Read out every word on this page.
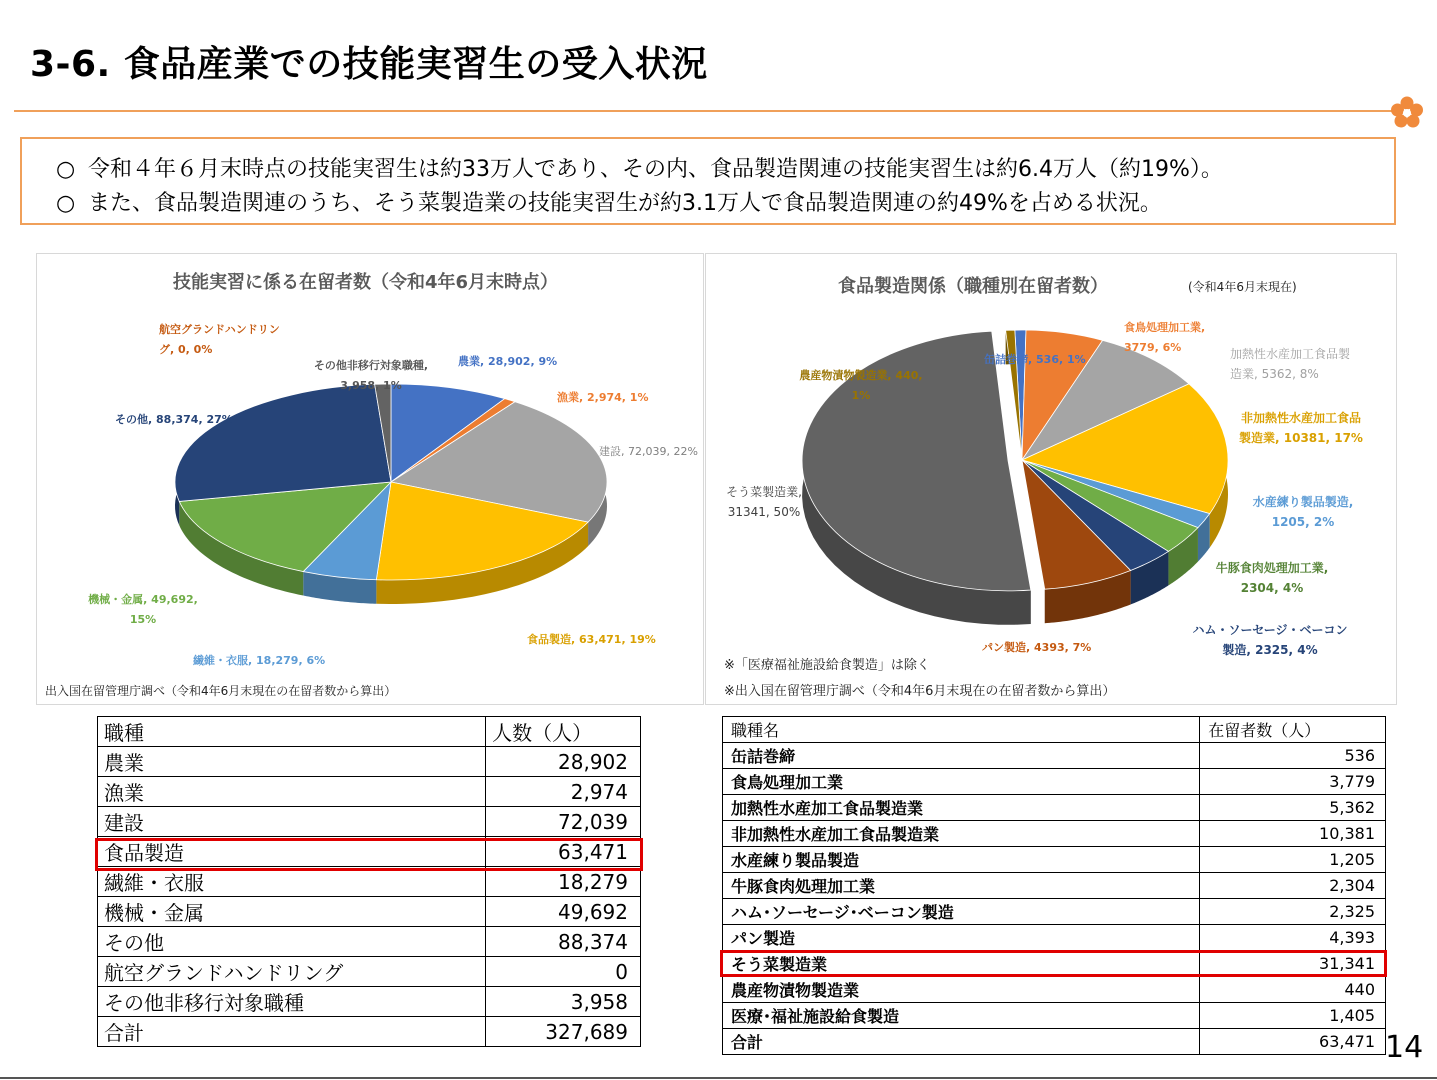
3-6. 食品産業での技能実習生の受入状況
○ 令和４年６月末時点の技能実習生は約33万人であり、その内、食品製造関連の技能実習生は約6.4万人（約19%）。
○ また、食品製造関連のうち、そう菜製造業の技能実習生が約3.1万人で食品製造関連の約49%を占める状況。
技能実習に係る在留者数（令和4年6月末時点）
航空グランドハンドリング, 0, 0%
その他非移行対象職種, 3,958, 1%
農業, 28,902, 9%
漁業, 2,974, 1%
建設, 72,039, 22%
その他, 88,374, 27%
機械・金属, 49,692, 15%
食品製造, 63,471, 19%
繊維・衣服, 18,279, 6%
出入国在留管理庁調べ（令和4年6月末現在の在留者数から算出）
食品製造関係（職種別在留者数）	(令和4年6月末現在)
缶詰巻締, 536, 1%
食鳥処理加工業, 3779, 6%	加熱性水産加工食品製造業, 5362, 8%
非加熱性水産加工食品製造業, 10381, 17%
水産練り製品製造, 1205, 2%
牛豚食肉処理加工業, 2304, 4%
ハム・ソーセージ・ベーコン製造, 2325, 4%
パン製造, 4393, 7%
そう菜製造業, 31341, 50%
農産物漬物製造業, 440, 1%
※「医療福祉施設給食製造」は除く
※出入国在留管理庁調べ（令和4年6月末現在の在留者数から算出）
職種	人数（人）
農業	28,902
漁業	2,974
建設	72,039
食品製造	63,471
繊維・衣服	18,279
機械・金属	49,692
その他	88,374
航空グランドハンドリング	0
その他非移行対象職種	3,958
合計	327,689
職種名	在留者数（人）
缶詰巻締	536
食鳥処理加工業	3,779
加熱性水産加工食品製造業	5,362
非加熱性水産加工食品製造業	10,381
水産練り製品製造	1,205
牛豚食肉処理加工業	2,304
ハム･ソーセージ･ベーコン製造	2,325
パン製造	4,393
そう菜製造業	31,341
農産物漬物製造業	440
医療･福祉施設給食製造	1,405
合計	63,471 14
